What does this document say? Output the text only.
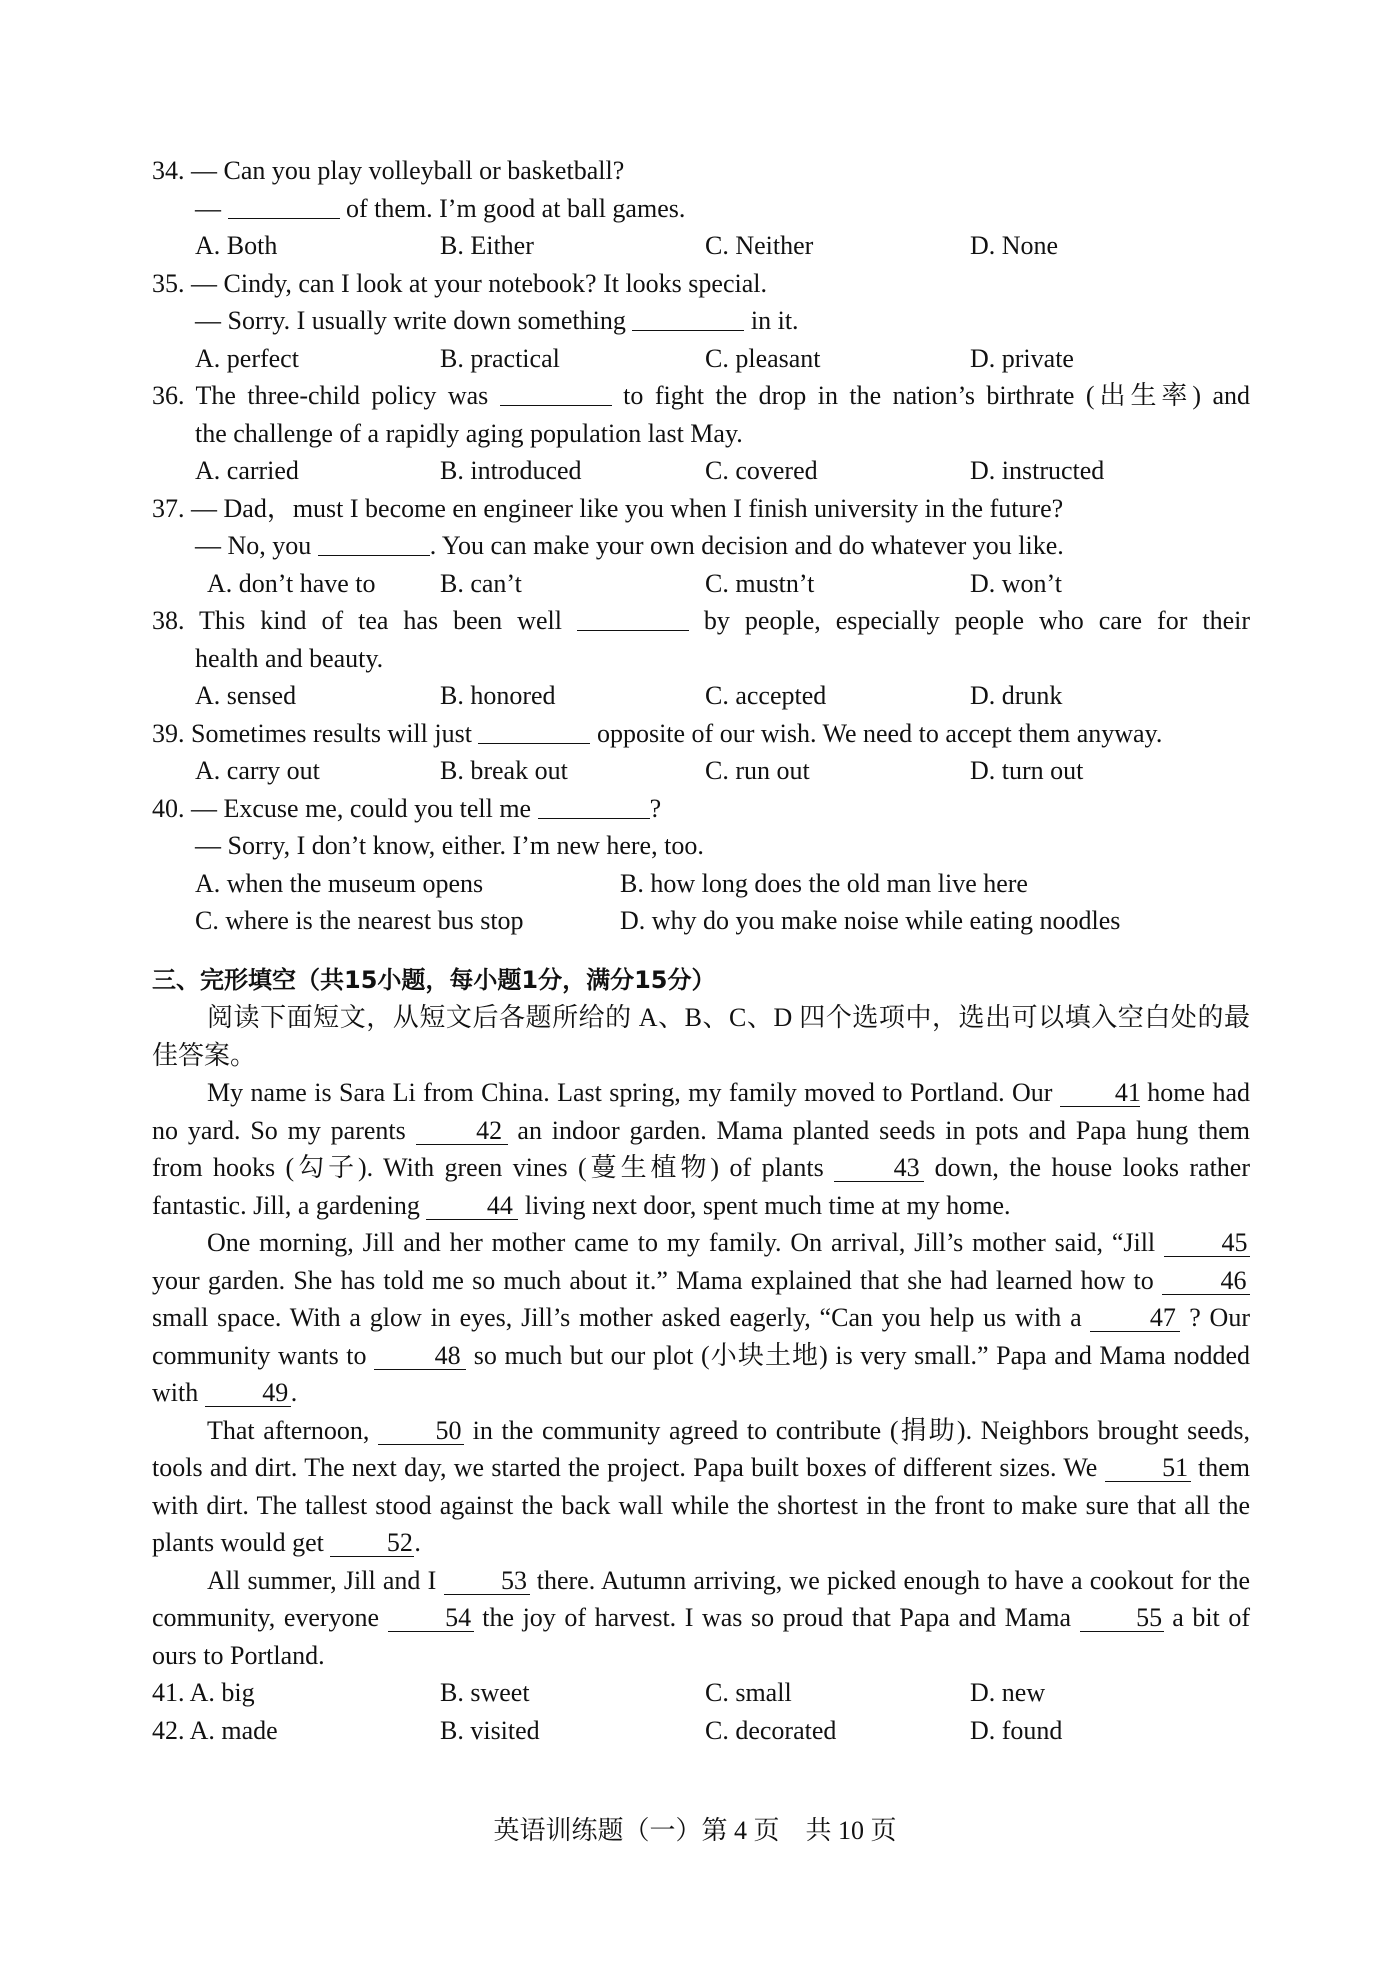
34. — Can you play volleyball or basketball?
—	of them. I’m good at ball games.
A. Both	B. Either	C. Neither	D. None
35. — Cindy, can I look at your notebook? It looks special.
— Sorry. I usually write down something	in it.
A. perfect	B. practical	C. pleasant	D. private
36. The three-child policy was	to fight the drop in the nation’s birthrate (出生率) and
the challenge of a rapidly aging population last May.
A. carried	B. introduced	C. covered	D. instructed
37. — Dad，must I become en engineer like you when I finish university in the future?
— No, you	. You can make your own decision and do whatever you like.
A. don’t have to	B. can’t	C. mustn’t	D. won’t
38. This kind of tea has been well	by people, especially people who care for their
health and beauty.
A. sensed	B. honored	C. accepted	D. drunk
39. Sometimes results will just	opposite of our wish. We need to accept them anyway.
A. carry out	B. break out	C. run out	D. turn out
40. — Excuse me, could you tell me	?
— Sorry, I don’t know, either. I’m new here, too.
A. when the museum opens	B. how long does the old man live here
C. where is the nearest bus stop	D. why do you make noise while eating noodles
三、完形填空（共15小题，每小题1分，满分15分）
阅读下面短文，从短文后各题所给的 A、B、C、D 四个选项中，选出可以填入空白处的最佳答案。
My name is Sara Li from China. Last spring, my family moved to Portland. Our 41 home had no yard. So my parents 42 an indoor garden. Mama planted seeds in pots and Papa hung them from hooks (勾子). With green vines (蔓生植物) of plants 43 down, the house looks rather fantastic. Jill, a gardening 44 living next door, spent much time at my home.
One morning, Jill and her mother came to my family. On arrival, Jill’s mother said, “Jill 45 your garden. She has told me so much about it.” Mama explained that she had learned how to 46 small space. With a glow in eyes, Jill’s mother asked eagerly, “Can you help us with a 47 ? Our community wants to 48 so much but our plot (小块土地) is very small.” Papa and Mama nodded with 49.
That afternoon, 50 in the community agreed to contribute (捐助). Neighbors brought seeds, tools and dirt. The next day, we started the project. Papa built boxes of different sizes. We 51 them with dirt. The tallest stood against the back wall while the shortest in the front to make sure that all the plants would get 52.
All summer, Jill and I 53 there. Autumn arriving, we picked enough to have a cookout for the community, everyone 54 the joy of harvest. I was so proud that Papa and Mama 55 a bit of ours to Portland.
41. A. big	B. sweet	C. small	D. new
42. A. made	B. visited	C. decorated	D. found
英语训练题（一）第 4 页　共 10 页
